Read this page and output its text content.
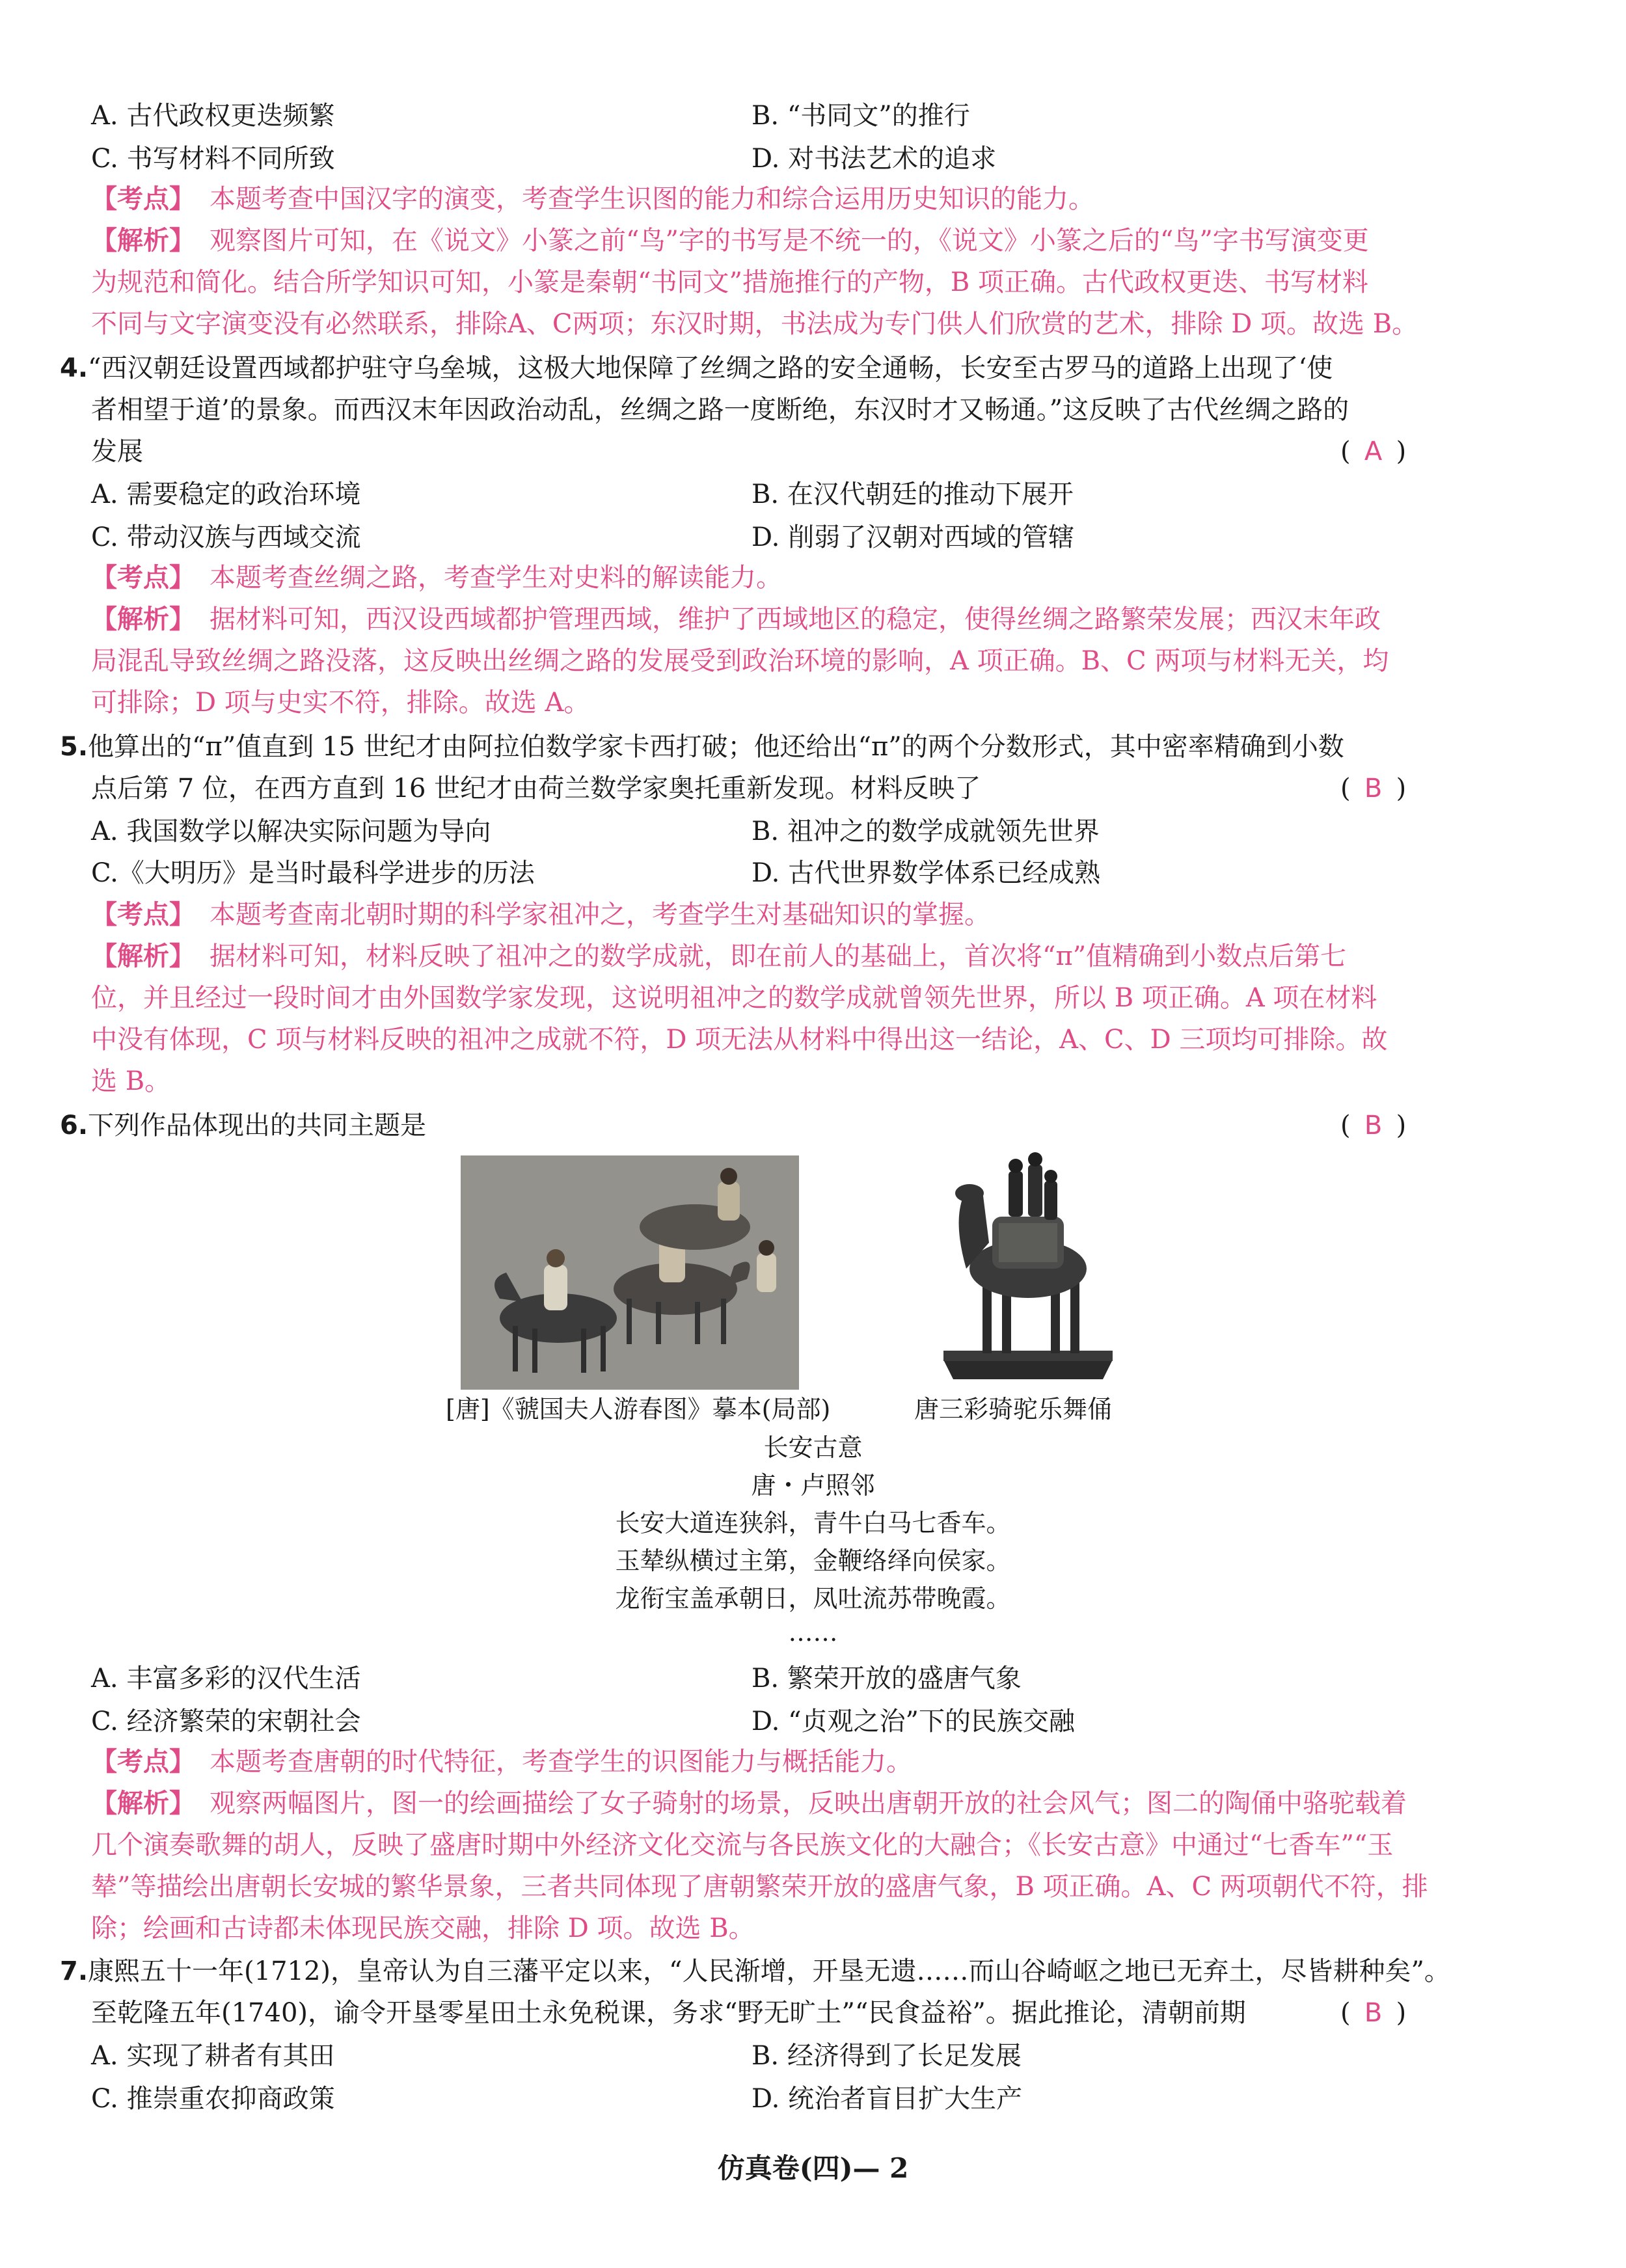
A. 古代政权更迭频繁	B. “书同文”的推行
C. 书写材料不同所致	D. 对书法艺术的追求
【考点】 本题考查中国汉字的演变，考查学生识图的能力和综合运用历史知识的能力。
【解析】 观察图片可知，在《说文》小篆之前“鸟”字的书写是不统一的，《说文》小篆之后的“鸟”字书写演变更
为规范和简化。结合所学知识可知，小篆是秦朝“书同文”措施推行的产物，B 项正确。古代政权更迭、书写材料
不同与文字演变没有必然联系，排除A、C两项；东汉时期，书法成为专门供人们欣赏的艺术，排除 D 项。故选 B。
4.“西汉朝廷设置西域都护驻守乌垒城，这极大地保障了丝绸之路的安全通畅，长安至古罗马的道路上出现了‘使
者相望于道’的景象。而西汉末年因政治动乱，丝绸之路一度断绝，东汉时才又畅通。”这反映了古代丝绸之路的
发展	( A )
A. 需要稳定的政治环境	B. 在汉代朝廷的推动下展开
C. 带动汉族与西域交流	D. 削弱了汉朝对西域的管辖
【考点】 本题考查丝绸之路，考查学生对史料的解读能力。
【解析】 据材料可知，西汉设西域都护管理西域，维护了西域地区的稳定，使得丝绸之路繁荣发展；西汉末年政
局混乱导致丝绸之路没落，这反映出丝绸之路的发展受到政治环境的影响，A 项正确。B、C 两项与材料无关，均
可排除；D 项与史实不符，排除。故选 A。
5.他算出的“π”值直到 15 世纪才由阿拉伯数学家卡西打破；他还给出“π”的两个分数形式，其中密率精确到小数
点后第 7 位，在西方直到 16 世纪才由荷兰数学家奥托重新发现。材料反映了	( B )
A. 我国数学以解决实际问题为导向	B. 祖冲之的数学成就领先世界
C.《大明历》是当时最科学进步的历法	D. 古代世界数学体系已经成熟
【考点】 本题考查南北朝时期的科学家祖冲之，考查学生对基础知识的掌握。
【解析】 据材料可知，材料反映了祖冲之的数学成就，即在前人的基础上，首次将“π”值精确到小数点后第七
位，并且经过一段时间才由外国数学家发现，这说明祖冲之的数学成就曾领先世界，所以 B 项正确。A 项在材料
中没有体现，C 项与材料反映的祖冲之成就不符，D 项无法从材料中得出这一结论，A、C、D 三项均可排除。故
选 B。
6.下列作品体现出的共同主题是	( B )
[唐]《虢国夫人游春图》摹本(局部)	唐三彩骑驼乐舞俑
长安古意
唐・卢照邻
长安大道连狭斜，青牛白马七香车。
玉辇纵横过主第，金鞭络绎向侯家。
龙衔宝盖承朝日，凤吐流苏带晚霞。
……
A. 丰富多彩的汉代生活	B. 繁荣开放的盛唐气象
C. 经济繁荣的宋朝社会	D. “贞观之治”下的民族交融
【考点】 本题考查唐朝的时代特征，考查学生的识图能力与概括能力。
【解析】 观察两幅图片，图一的绘画描绘了女子骑射的场景，反映出唐朝开放的社会风气；图二的陶俑中骆驼载着
几个演奏歌舞的胡人，反映了盛唐时期中外经济文化交流与各民族文化的大融合；《长安古意》中通过“七香车”“玉
辇”等描绘出唐朝长安城的繁华景象，三者共同体现了唐朝繁荣开放的盛唐气象，B 项正确。A、C 两项朝代不符，排
除；绘画和古诗都未体现民族交融，排除 D 项。故选 B。
7.康熙五十一年(1712)，皇帝认为自三藩平定以来，“人民渐增，开垦无遗……而山谷崎岖之地已无弃土，尽皆耕种矣”。
至乾隆五年(1740)，谕令开垦零星田土永免税课，务求“野无旷土”“民食益裕”。据此推论，清朝前期	( B )
A. 实现了耕者有其田	B. 经济得到了长足发展
C. 推崇重农抑商政策	D. 统治者盲目扩大生产
仿真卷(四)— 2
